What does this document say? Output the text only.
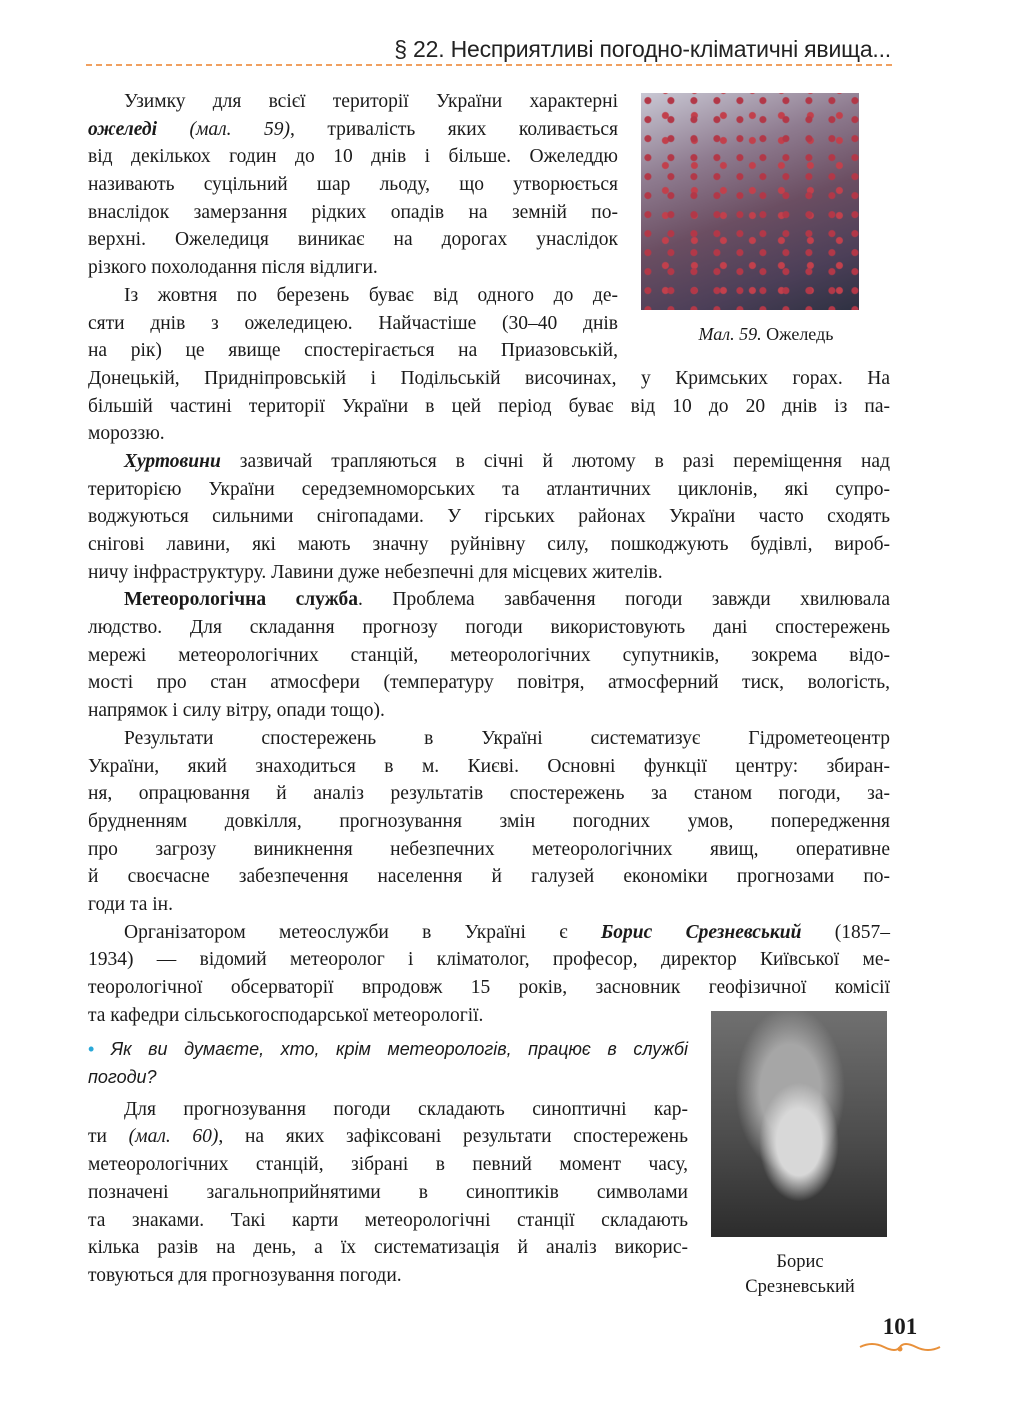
§ 22. Несприятливі погодно-кліматичні явища...
Мал. 59. Ожеледь
Узимку для всієї території України характерні
ожеледі (мал. 59), тривалість яких коливається
від декількох годин до 10 днів і більше. Ожеледдю
називають суцільний шар льоду, що утворюється
внаслідок замерзання рідких опадів на земній по-
верхні. Ожеледиця виникає на дорогах унаслідок
різкого похолодання після відлиги.
Із жовтня по березень буває від одного до де-
сяти днів з ожеледицею. Найчастіше (30–40 днів
на рік) це явище спостерігається на Приазовській,
Донецькій, Придніпровській і Подільській височинах, у Кримських горах. На
більшій частині території України в цей період буває від 10 до 20 днів із па-
мороззю.
Хуртовини зазвичай трапляються в січні й лютому в разі переміщення над
територією України середземноморських та атлантичних циклонів, які супро-
воджуються сильними снігопадами. У гірських районах України часто сходять
снігові лавини, які мають значну руйнівну силу, пошкоджують будівлі, вироб-
ничу інфраструктуру. Лавини дуже небезпечні для місцевих жителів.
Метеорологічна служба. Проблема завбачення погоди завжди хвилювала
людство. Для складання прогнозу погоди використовують дані спостережень
мережі метеорологічних станцій, метеорологічних супутників, зокрема відо-
мості про стан атмосфери (температуру повітря, атмосферний тиск, вологість,
напрямок і силу вітру, опади тощо).
Результати спостережень в Україні систематизує Гідрометеоцентр
України, який знаходиться в м. Києві. Основні функції центру: збиран-
ня, опрацювання й аналіз результатів спостережень за станом погоди, за-
брудненням довкілля, прогнозування змін погодних умов, попередження
про загрозу виникнення небезпечних метеорологічних явищ, оперативне
й своєчасне забезпечення населення й галузей економіки прогнозами по-
годи та ін.
Організатором метеослужби в Україні є Борис Срезневський (1857–
1934) — відомий метеоролог і кліматолог, професор, директор Київської ме-
теорологічної обсерваторії впродовж 15 років, засновник геофізичної комісії
та кафедри сільськогосподарської метеорології.
• Як ви думаєте, хто, крім метеорологів, працює в службі
погоди?
Для прогнозування погоди складають синоптичні кар-
ти (мал. 60), на яких зафіксовані результати спостережень
метеорологічних станцій, зібрані в певний момент часу,
позначені загальноприйнятими в синоптиків символами
та знаками. Такі карти метеорологічні станції складають
кілька разів на день, а їх систематизація й аналіз викорис-
товуються для прогнозування погоди.
Борис
Срезневський
101
